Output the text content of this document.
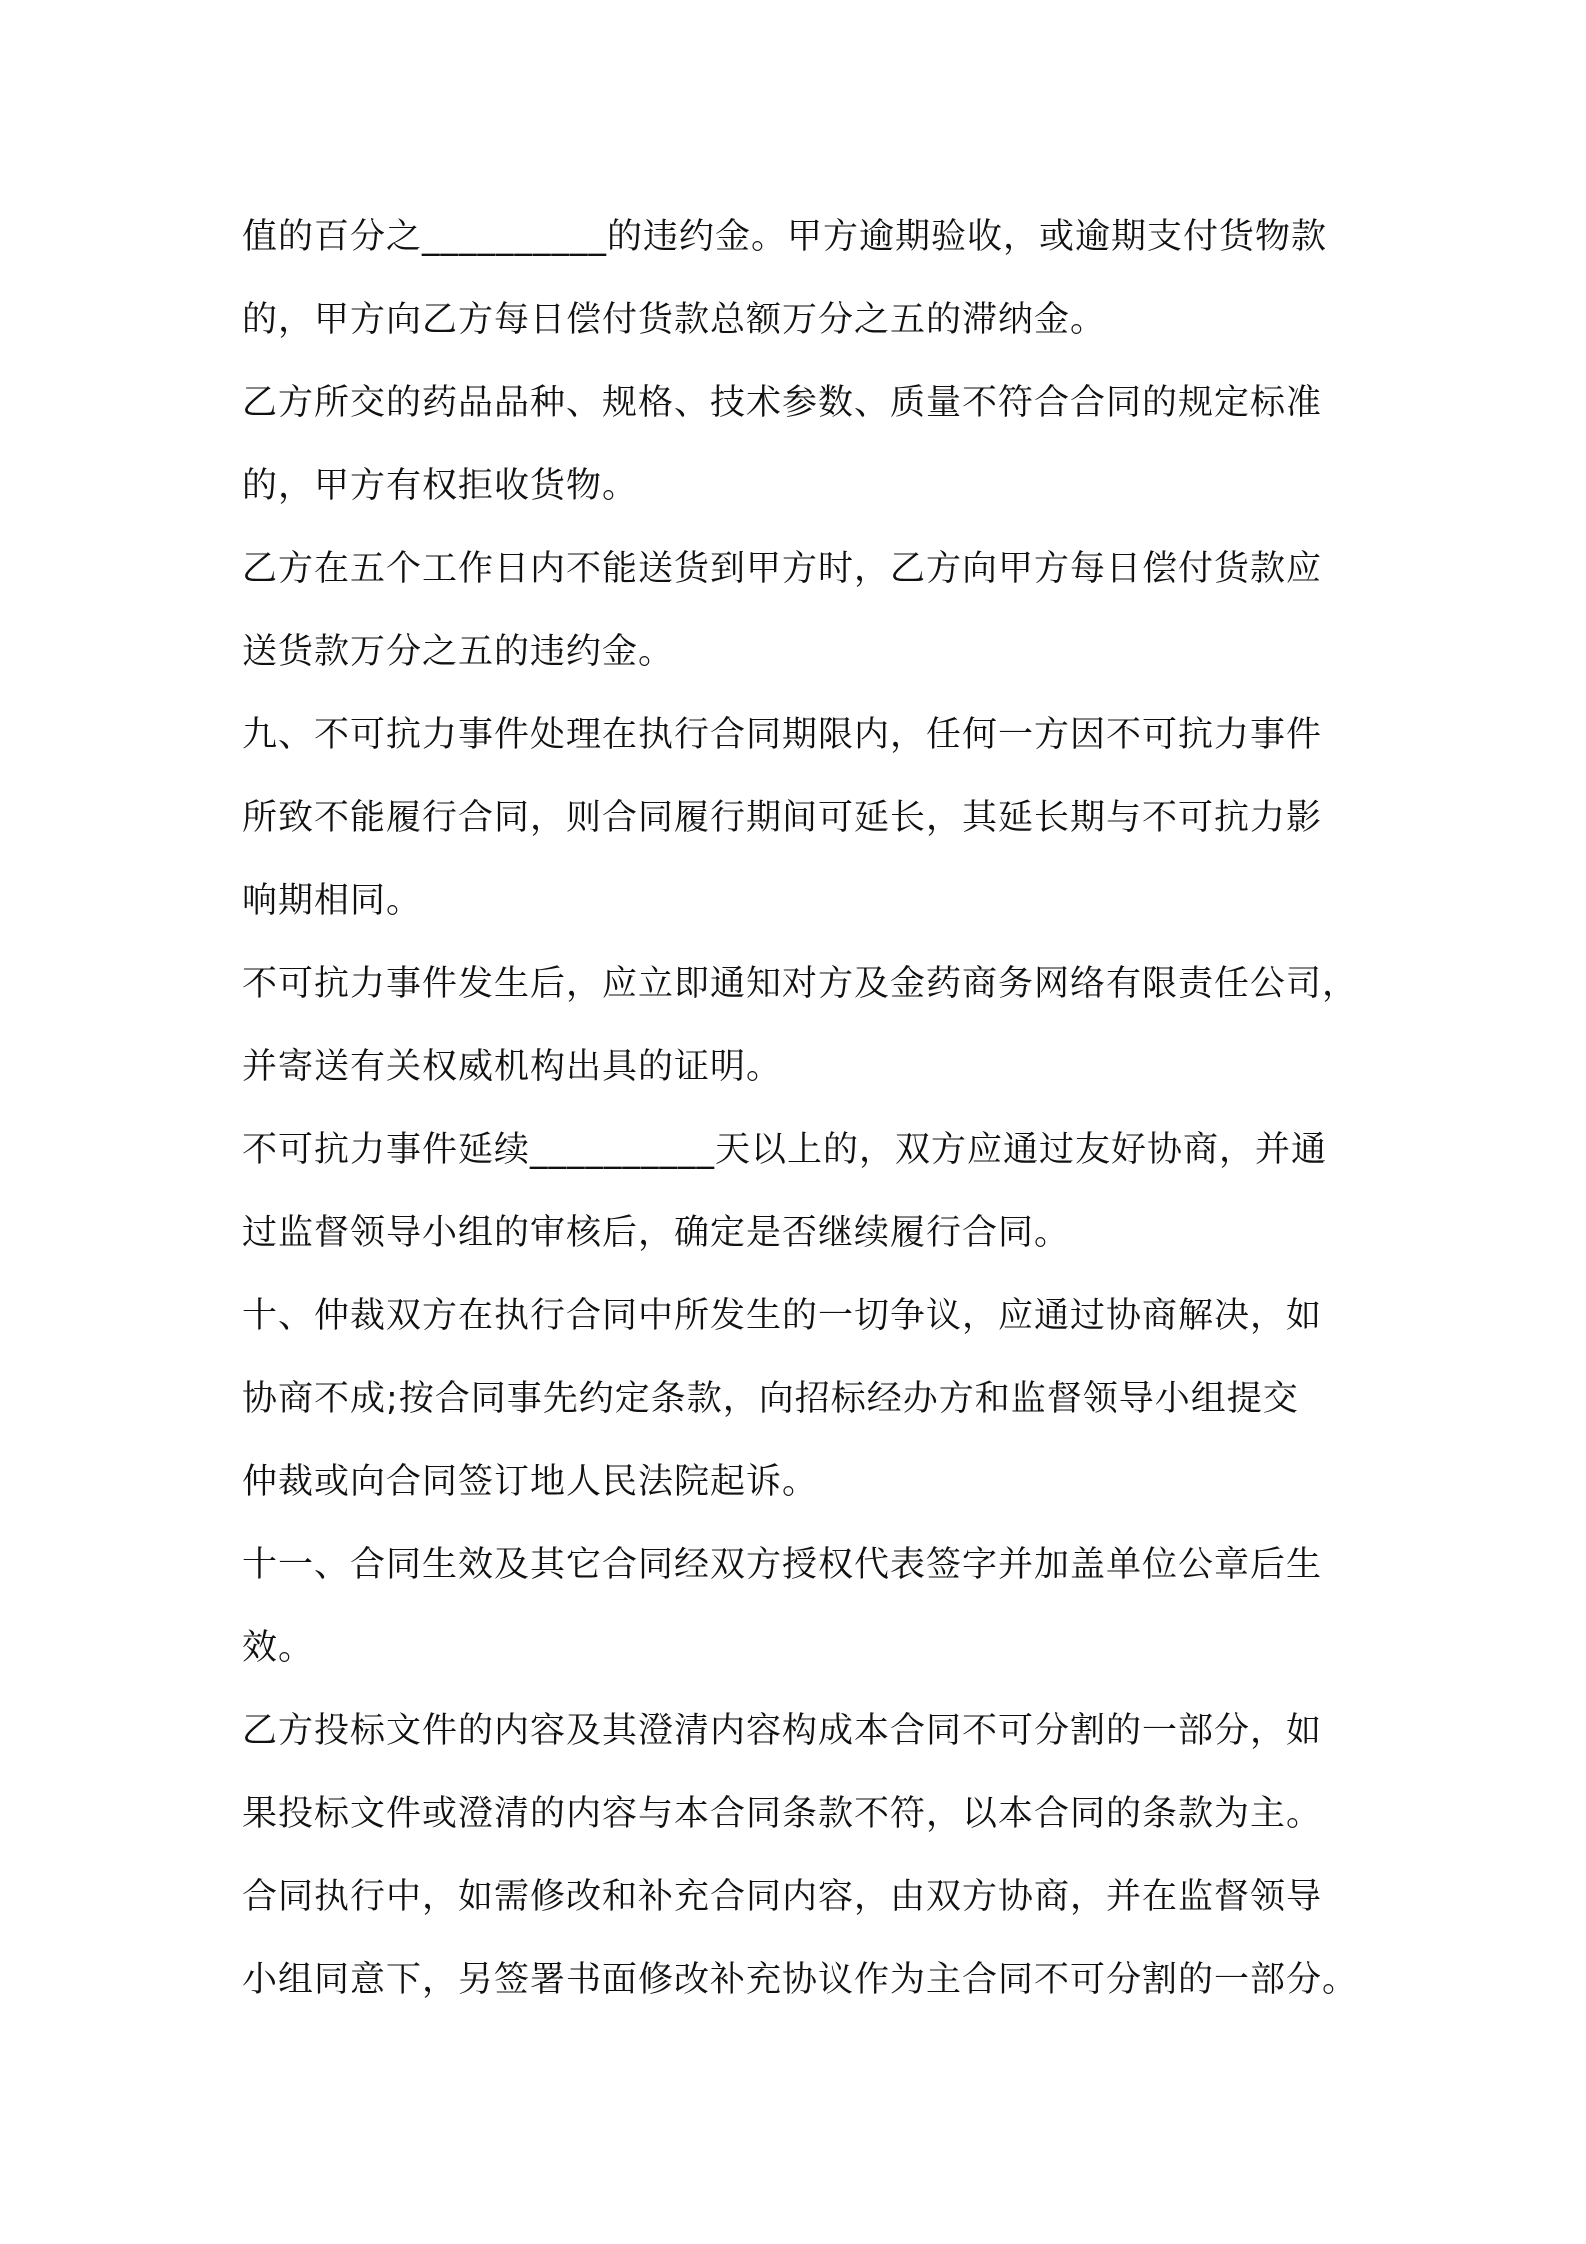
值的百分之__________的违约金。甲方逾期验收，或逾期支付货物款
的，甲方向乙方每日偿付货款总额万分之五的滞纳金。

乙方所交的药品品种、规格、技术参数、质量不符合合同的规定标准
的，甲方有权拒收货物。

乙方在五个工作日内不能送货到甲方时，乙方向甲方每日偿付货款应
送货款万分之五的违约金。

九、不可抗力事件处理在执行合同期限内，任何一方因不可抗力事件
所致不能履行合同，则合同履行期间可延长，其延长期与不可抗力影
响期相同。

不可抗力事件发生后，应立即通知对方及金药商务网络有限责任公司，
并寄送有关权威机构出具的证明。

不可抗力事件延续__________天以上的，双方应通过友好协商，并通
过监督领导小组的审核后，确定是否继续履行合同。

十、仲裁双方在执行合同中所发生的一切争议，应通过协商解决，如
协商不成;按合同事先约定条款，向招标经办方和监督领导小组提交
仲裁或向合同签订地人民法院起诉。

十一、合同生效及其它合同经双方授权代表签字并加盖单位公章后生
效。

乙方投标文件的内容及其澄清内容构成本合同不可分割的一部分，如
果投标文件或澄清的内容与本合同条款不符，以本合同的条款为主。

合同执行中，如需修改和补充合同内容，由双方协商，并在监督领导
小组同意下，另签署书面修改补充协议作为主合同不可分割的一部分。
